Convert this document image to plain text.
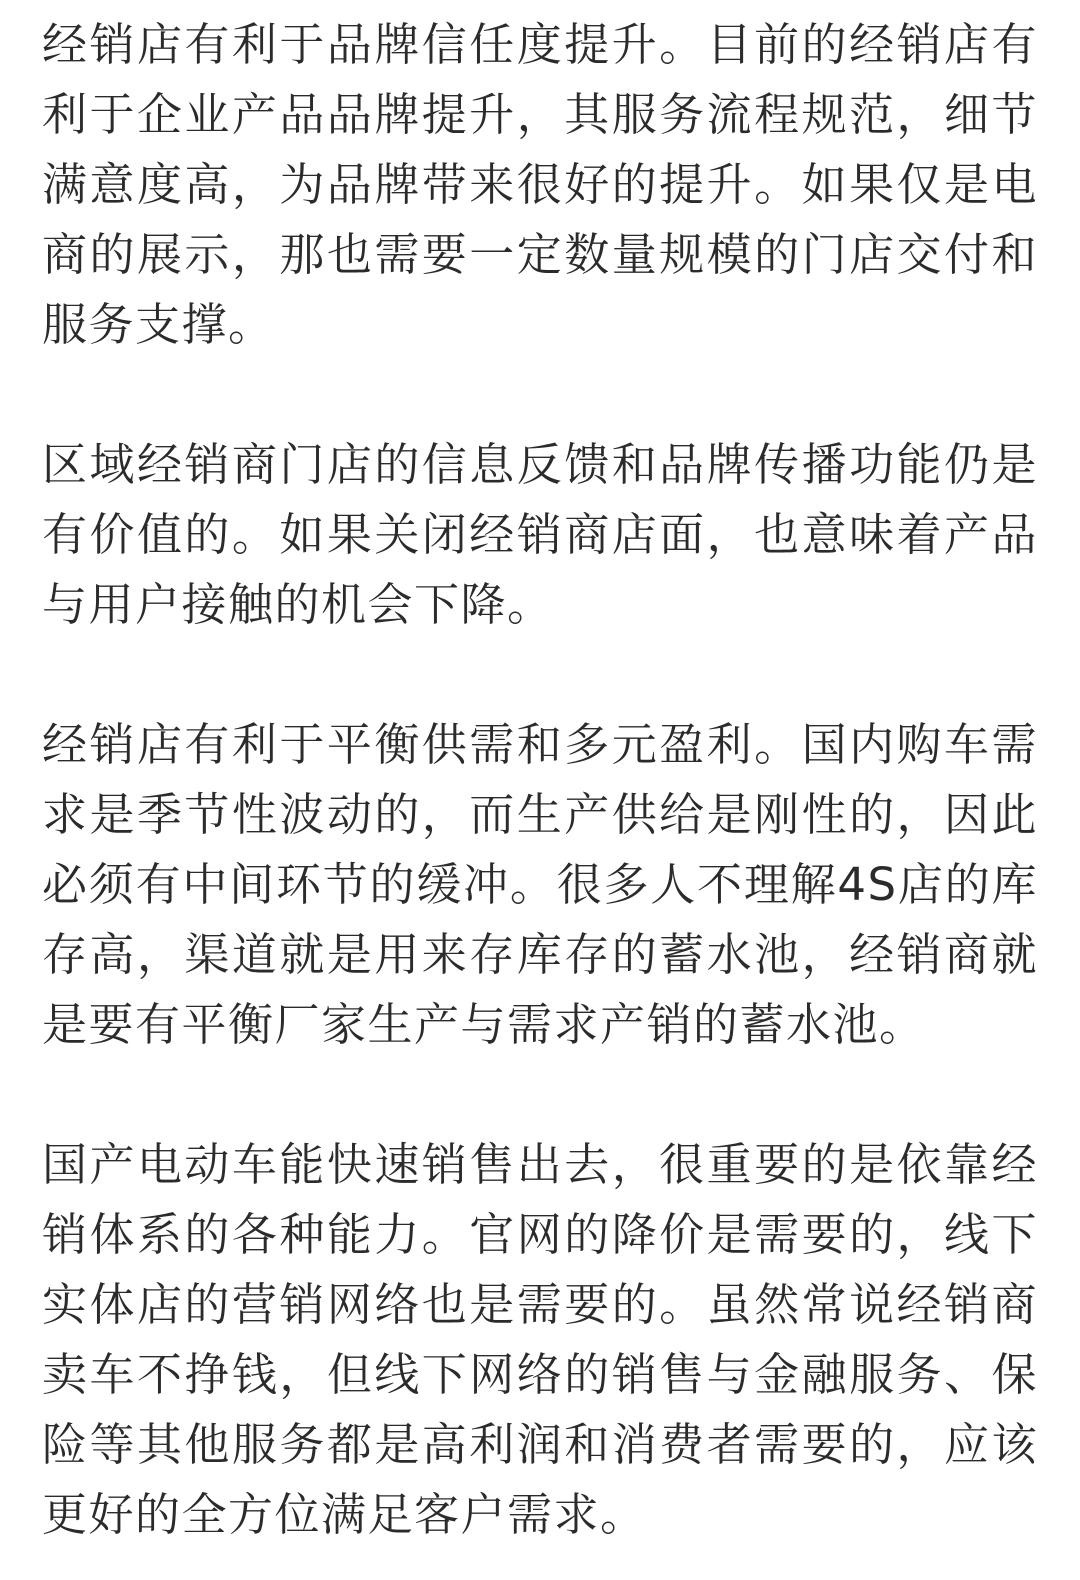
经销店有利于品牌信任度提升。目前的经销店有利于企业产品品牌提升，其服务流程规范，细节满意度高，为品牌带来很好的提升。如果仅是电商的展示，那也需要一定数量规模的门店交付和服务支撑。

区域经销商门店的信息反馈和品牌传播功能仍是有价值的。如果关闭经销商店面，也意味着产品与用户接触的机会下降。

经销店有利于平衡供需和多元盈利。国内购车需求是季节性波动的，而生产供给是刚性的，因此必须有中间环节的缓冲。很多人不理解4S店的库存高，渠道就是用来存库存的蓄水池，经销商就是要有平衡厂家生产与需求产销的蓄水池。

国产电动车能快速销售出去，很重要的是依靠经销体系的各种能力。官网的降价是需要的，线下实体店的营销网络也是需要的。虽然常说经销商卖车不挣钱，但线下网络的销售与金融服务、保险等其他服务都是高利润和消费者需要的，应该更好的全方位满足客户需求。
